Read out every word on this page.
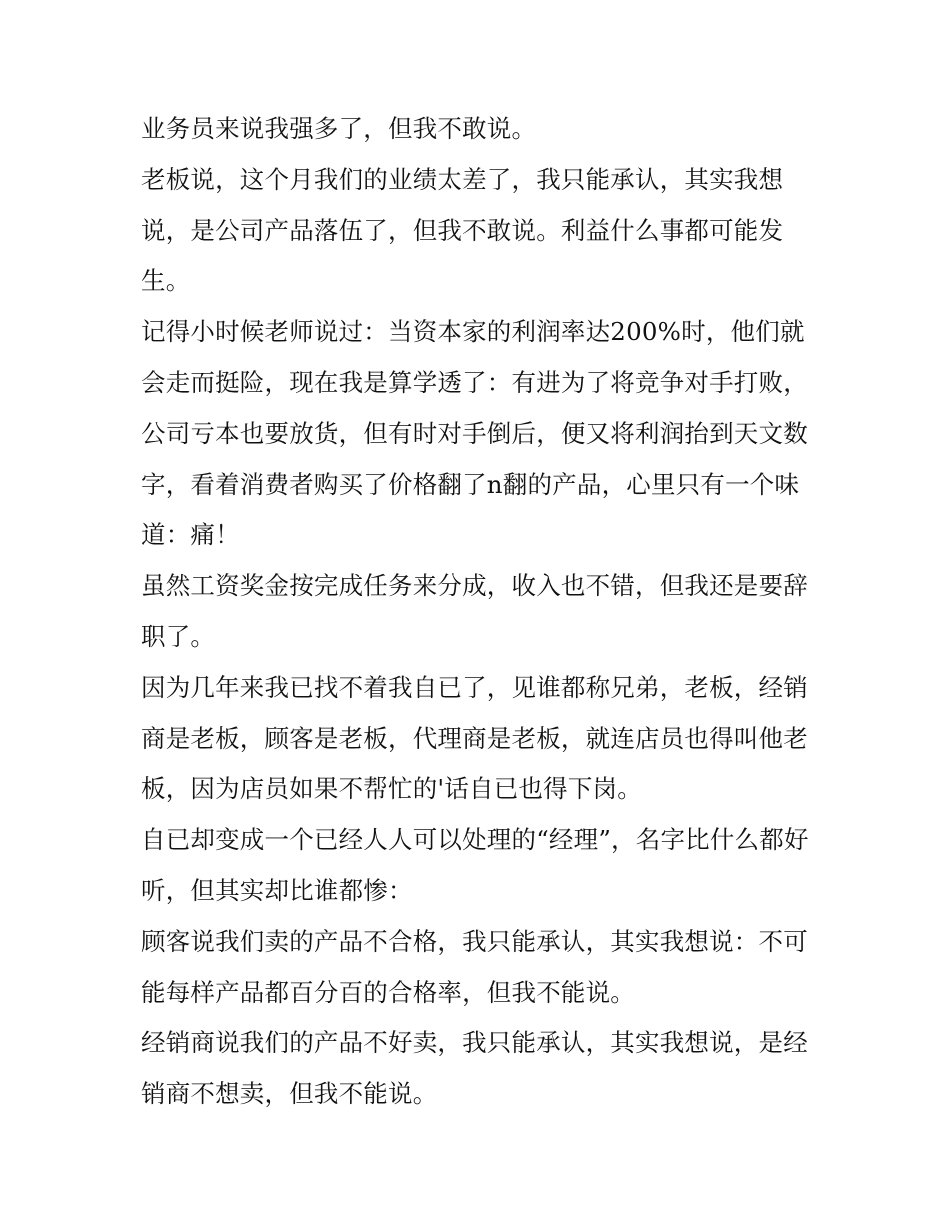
业务员来说我强多了，但我不敢说。

老板说，这个月我们的业绩太差了，我只能承认，其实我想说，是公司产品落伍了，但我不敢说。利益什么事都可能发生。

记得小时候老师说过：当资本家的利润率达200%时，他们就会走而挺险，现在我是算学透了：有进为了将竞争对手打败，公司亏本也要放货，但有时对手倒后，便又将利润抬到天文数字，看着消费者购买了价格翻了n翻的产品，心里只有一个味道：痛！

虽然工资奖金按完成任务来分成，收入也不错，但我还是要辞职了。

因为几年来我已找不着我自已了，见谁都称兄弟，老板，经销商是老板，顾客是老板，代理商是老板，就连店员也得叫他老板，因为店员如果不帮忙的'话自已也得下岗。

自已却变成一个已经人人可以处理的“经理”，名字比什么都好听，但其实却比谁都惨：

顾客说我们卖的产品不合格，我只能承认，其实我想说：不可能每样产品都百分百的合格率，但我不能说。

经销商说我们的产品不好卖，我只能承认，其实我想说，是经销商不想卖，但我不能说。
